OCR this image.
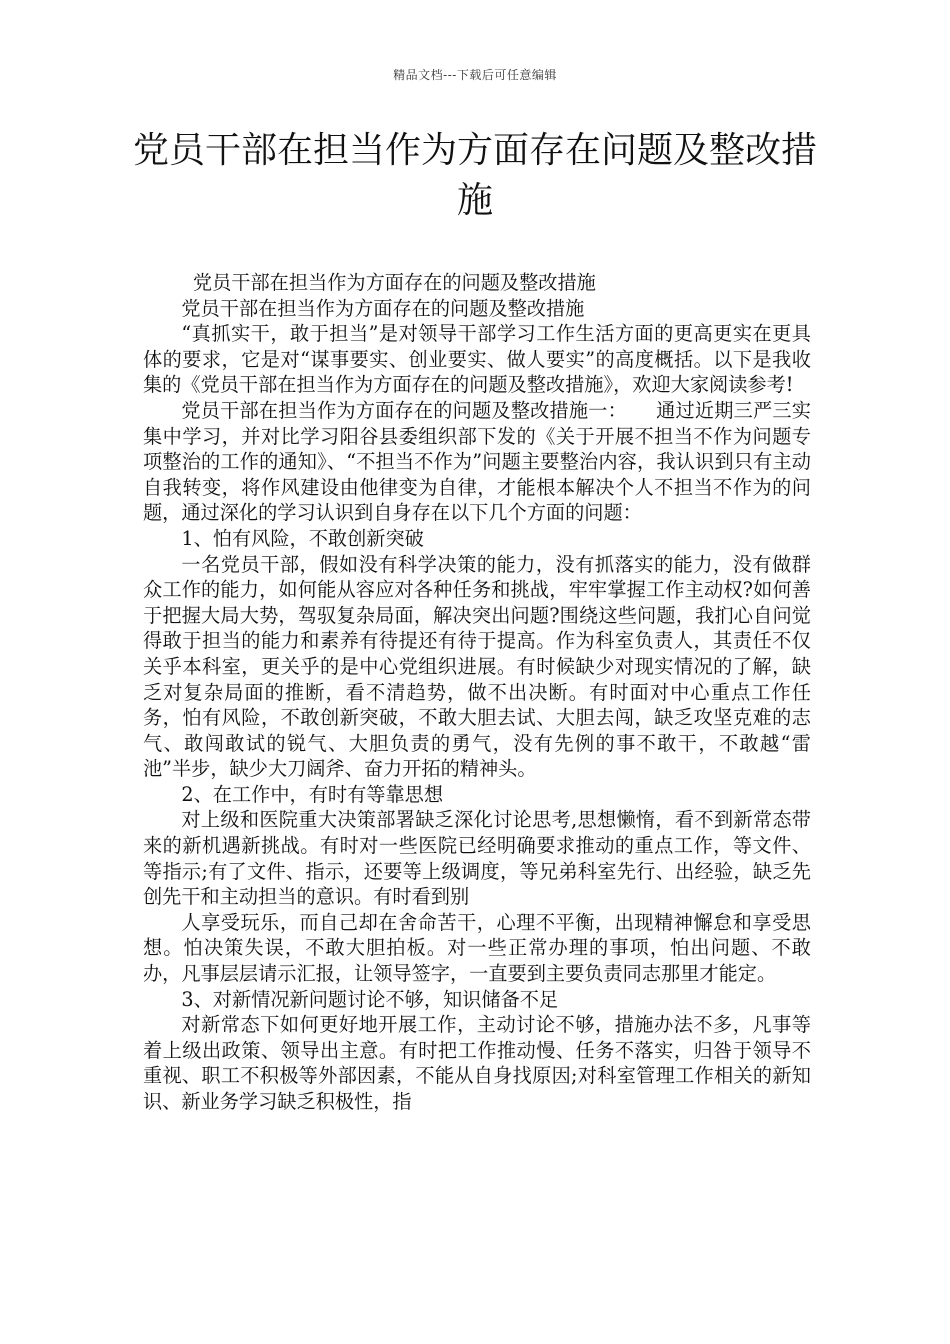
精品文档---下载后可任意编辑
党员干部在担当作为方面存在问题及整改措施

党员干部在担当作为方面存在的问题及整改措施

党员干部在担当作为方面存在的问题及整改措施

“真抓实干，敢于担当”是对领导干部学习工作生活方面的更高更实在更具体的要求，它是对“谋事要实、创业要实、做人要实”的高度概括。以下是我收集的《党员干部在担当作为方面存在的问题及整改措施》，欢迎大家阅读参考!

党员干部在担当作为方面存在的问题及整改措施一：　　通过近期三严三实集中学习，并对比学习阳谷县委组织部下发的《关于开展不担当不作为问题专项整治的工作的通知》、“不担当不作为”问题主要整治内容，我认识到只有主动自我转变，将作风建设由他律变为自律，才能根本解决个人不担当不作为的问题，通过深化的学习认识到自身存在以下几个方面的问题：

1、怕有风险，不敢创新突破

一名党员干部，假如没有科学决策的能力，没有抓落实的能力，没有做群众工作的能力，如何能从容应对各种任务和挑战，牢牢掌握工作主动权?如何善于把握大局大势，驾驭复杂局面，解决突出问题?围绕这些问题，我扪心自问觉得敢于担当的能力和素养有待提还有待于提高。作为科室负责人，其责任不仅关乎本科室，更关乎的是中心党组织进展。有时候缺少对现实情况的了解，缺乏对复杂局面的推断，看不清趋势，做不出决断。有时面对中心重点工作任务，怕有风险，不敢创新突破，不敢大胆去试、大胆去闯，缺乏攻坚克难的志气、敢闯敢试的锐气、大胆负责的勇气，没有先例的事不敢干，不敢越“雷池”半步，缺少大刀阔斧、奋力开拓的精神头。

2、在工作中，有时有等靠思想

对上级和医院重大决策部署缺乏深化讨论思考,思想懒惰，看不到新常态带来的新机遇新挑战。有时对一些医院已经明确要求推动的重点工作，等文件、等指示;有了文件、指示，还要等上级调度，等兄弟科室先行、出经验，缺乏先创先干和主动担当的意识。有时看到别

人享受玩乐，而自己却在舍命苦干，心理不平衡，出现精神懈怠和享受思想。怕决策失误，不敢大胆拍板。对一些正常办理的事项，怕出问题、不敢办，凡事层层请示汇报，让领导签字，一直要到主要负责同志那里才能定。

3、对新情况新问题讨论不够，知识储备不足

对新常态下如何更好地开展工作，主动讨论不够，措施办法不多，凡事等着上级出政策、领导出主意。有时把工作推动慢、任务不落实，归咎于领导不重视、职工不积极等外部因素，不能从自身找原因;对科室管理工作相关的新知识、新业务学习缺乏积极性，指
